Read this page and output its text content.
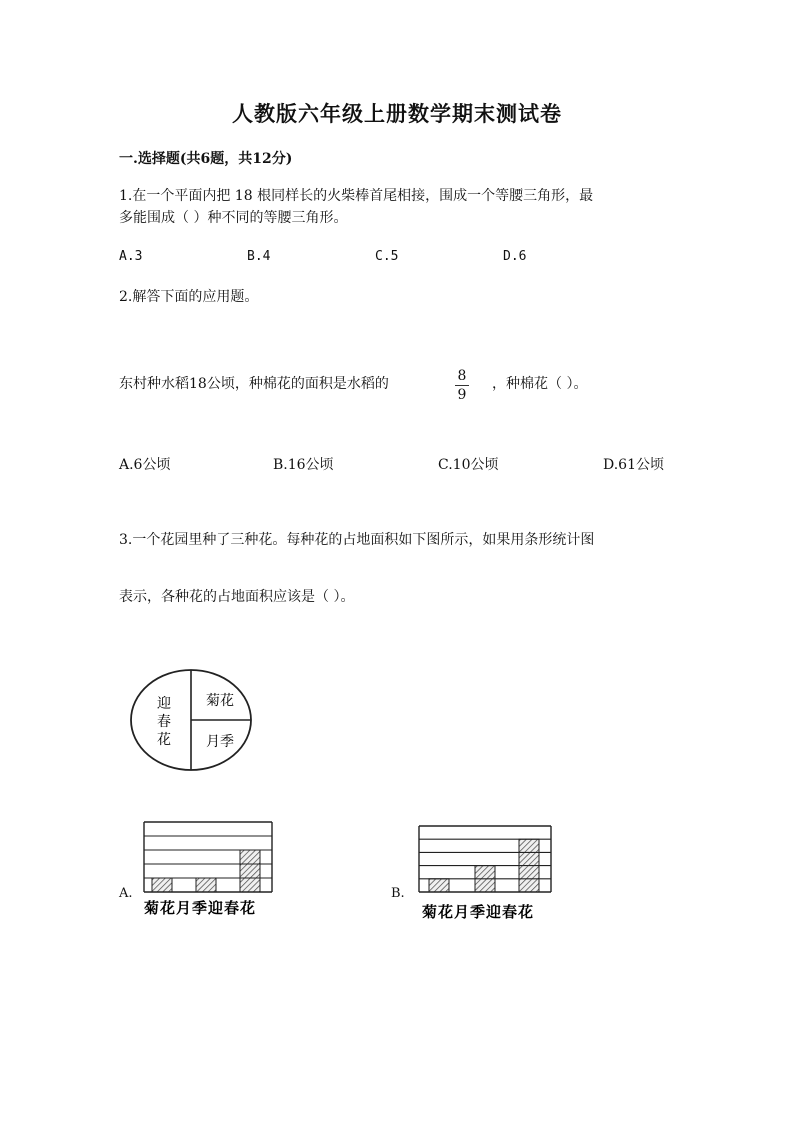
人教版六年级上册数学期末测试卷
一.选择题(共6题，共12分)
1.在一个平面内把 18 根同样长的火柴棒首尾相接，围成一个等腰三角形，最
多能围成（ ）种不同的等腰三角形。
A.3	B.4	C.5	D.6
2.解答下面的应用题。
东村种水稻18公顷，种棉花的面积是水稻的	8
9
，种棉花（ ）。
A.6公顷	B.16公顷	C.10公顷	D.61公顷
3.一个花园里种了三种花。每种花的占地面积如下图所示，如果用条形统计图
表示，各种花的占地面积应该是（ ）。
迎
春
花
菊花
月季
A.
菊花月季迎春花
B.
菊花月季迎春花
